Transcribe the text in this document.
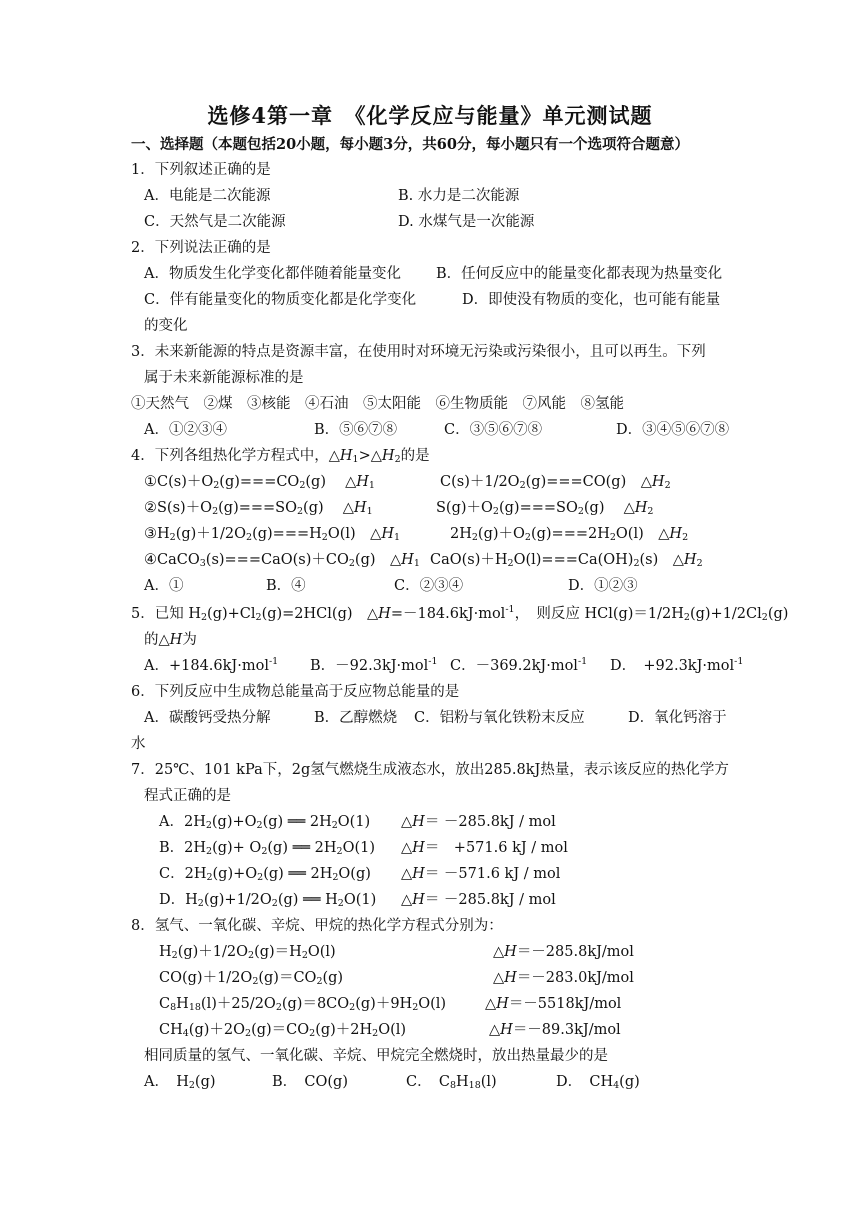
选修4第一章　《化学反应与能量》单元测试题
一、选择题（本题包括20小题，每小题3分，共60分，每小题只有一个选项符合题意）
1．下列叙述正确的是
A．电能是二次能源	B. 水力是二次能源
C．天然气是二次能源	D. 水煤气是一次能源
2．下列说法正确的是
A．物质发生化学变化都伴随着能量变化 B．任何反应中的能量变化都表现为热量变化
C．伴有能量变化的物质变化都是化学变化	D．即使没有物质的变化，也可能有能量
的变化
3．未来新能源的特点是资源丰富，在使用时对环境无污染或污染很小，且可以再生。下列
属于未来新能源标准的是
①天然气　②煤　③核能　④石油　⑤太阳能　⑥生物质能　⑦风能　⑧氢能
A．①②③④	B．⑤⑥⑦⑧	C．③⑤⑥⑦⑧	D．③④⑤⑥⑦⑧
4．下列各组热化学方程式中，$\triangle H_1>\triangle H_2$的是
$①C(s)+O_2(g)===CO_2(g)$　 $\triangle H_1$	$C(s)+1/2O_2(g)===CO(g)$　$\triangle H_2$
$②S(s)+O_2(g)===SO_2(g)$　 $\triangle H_1$	$S(g)+O_2(g)===SO_2(g)$　 $\triangle H_2$
$③H_2(g)+1/2O_2(g)===H_2O(l)$　$\triangle H_1$	$2H_2(g)+O_2(g)===2H_2O(l)$　$\triangle H_2$
$④CaCO_3(s)===CaO(s)+CO_2(g)$　$\triangle H_1$ $CaO(s)+H_2O(l)===Ca(OH)_2(s)$　$\triangle H_2$
A．①	B．④	C．②③④	D．①②③
5．已知 $H_2(g)+Cl_2(g)=2HCl(g)$　△H=－184.6kJ·mol$^{-1}$，　则反应 $HCl(g)=1/2H_2(g)+1/2Cl_2(g)$
的△H为
A．+184.6kJ·mol$^{-1}$ B．－92.3kJ·mol$^{-1}$ C．－369.2kJ·mol$^{-1}$ D．　+92.3kJ·mol$^{-1}$
6．下列反应中生成物总能量高于反应物总能量的是
A．碳酸钙受热分解	B．乙醇燃烧 C．铝粉与氧化铁粉末反应	D．氧化钙溶于
水
7．25℃、101 kPa下，2g氢气燃烧生成液态水，放出285.8kJ热量，表示该反应的热化学方
程式正确的是
A．$2H_2(g)+O_2(g)$ ══ $2H_2O(1)$ △H＝ －285.8kJ / mol
B．$2H_2(g)+ O_2(g)$ ══ $2H_2O(1)$ △H＝　+571.6 kJ / mol
C．$2H_2(g)+O_2(g)$ ══ $2H_2O(g)$ △H＝ －571.6 kJ / mol
D．$H_2(g)+1/2O_2(g)$ ══ $H_2O(1)$ △H＝ －285.8kJ / mol
8．氢气、一氧化碳、辛烷、甲烷的热化学方程式分别为：
$H_2(g)+1/2O_2(g)=H_2O(l)$	△H＝－285.8kJ/mol
$CO(g)+1/2O_2(g)=CO_2(g)$	△H＝－283.0kJ/mol
$C_8H_{18}(l)+25/2O_2(g)=8CO_2(g)+9H_2O(l)$	△H＝－5518kJ/mol
$CH_4(g)+2O_2(g)=CO_2(g)+2H_2O(l)$	△H＝－89.3kJ/mol
相同质量的氢气、一氧化碳、辛烷、甲烷完全燃烧时，放出热量最少的是
A．　$H_2(g)$	B．　CO(g)	C．　$C_8H_{18}(l)$	D．　$CH_4(g)$
